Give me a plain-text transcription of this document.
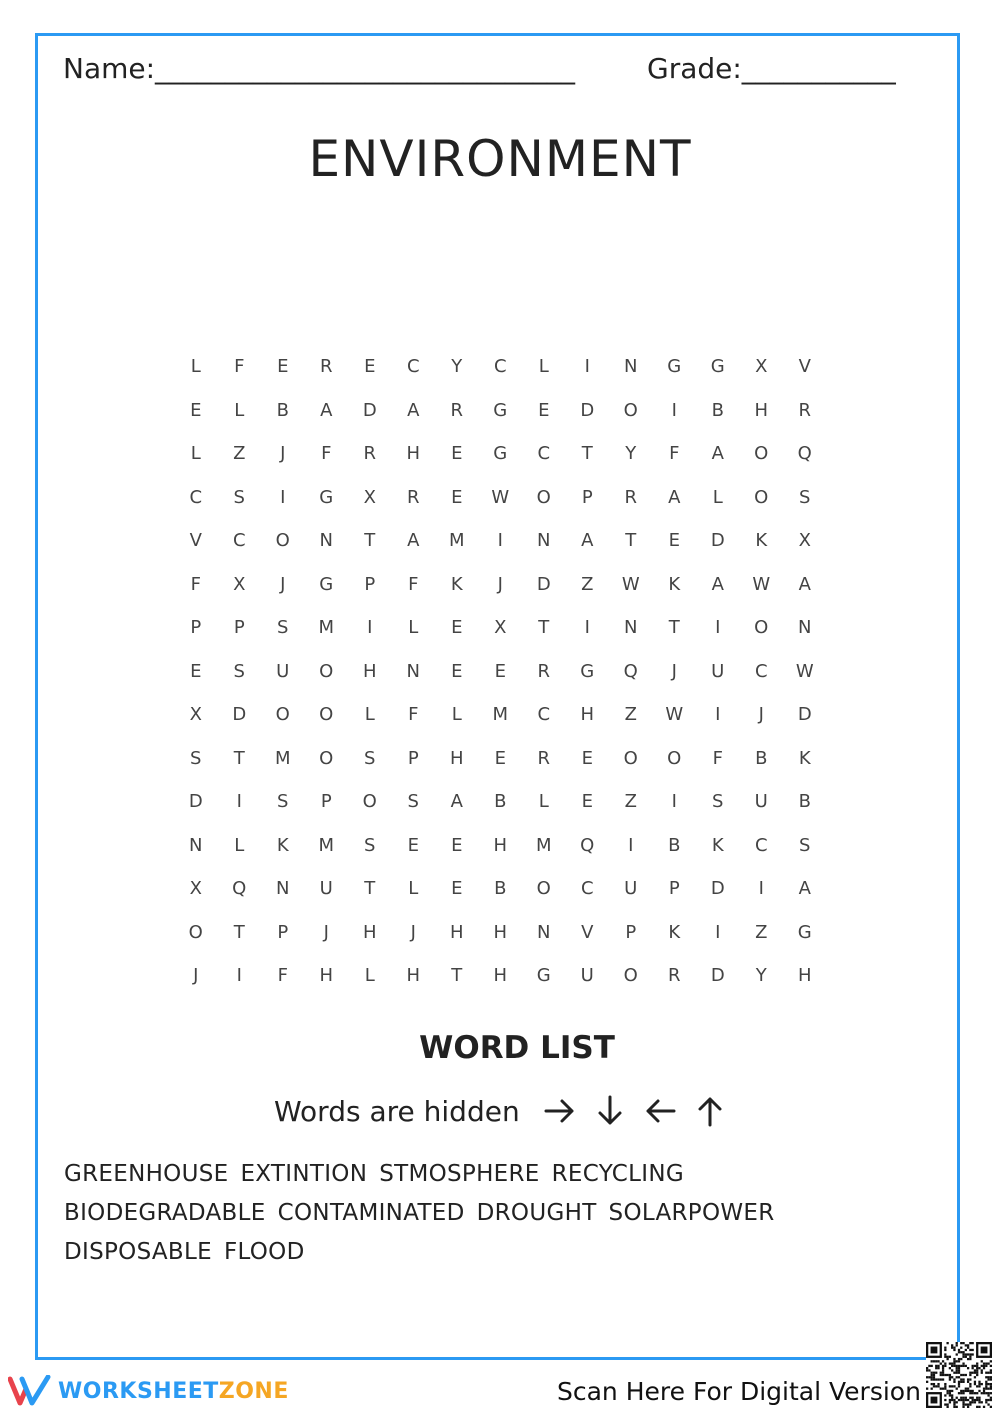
Name:______________________________	Grade:___________
ENVIRONMENT
L	F	E	R	E	C	Y	C	L	I	N	G	G	X	V
E	L	B	A	D	A	R	G	E	D	O	I	B	H	R
L	Z	J	F	R	H	E	G	C	T	Y	F	A	O	Q
C	S	I	G	X	R	E	W	O	P	R	A	L	O	S
V	C	O	N	T	A	M	I	N	A	T	E	D	K	X
F	X	J	G	P	F	K	J	D	Z	W	K	A	W	A
P	P	S	M	I	L	E	X	T	I	N	T	I	O	N
E	S	U	O	H	N	E	E	R	G	Q	J	U	C	W
X	D	O	O	L	F	L	M	C	H	Z	W	I	J	D
S	T	M	O	S	P	H	E	R	E	O	O	F	B	K
D	I	S	P	O	S	A	B	L	E	Z	I	S	U	B
N	L	K	M	S	E	E	H	M	Q	I	B	K	C	S
X	Q	N	U	T	L	E	B	O	C	U	P	D	I	A
O	T	P	J	H	J	H	H	N	V	P	K	I	Z	G
J	I	F	H	L	H	T	H	G	U	O	R	D	Y	H
WORD LIST
Words are hidden
GREENHOUSE EXTINTION STMOSPHERE RECYCLINGBIODEGRADABLE CONTAMINATED DROUGHT SOLARPOWERDISPOSABLE FLOOD
WORKSHEETZONE	Scan Here For Digital Version
